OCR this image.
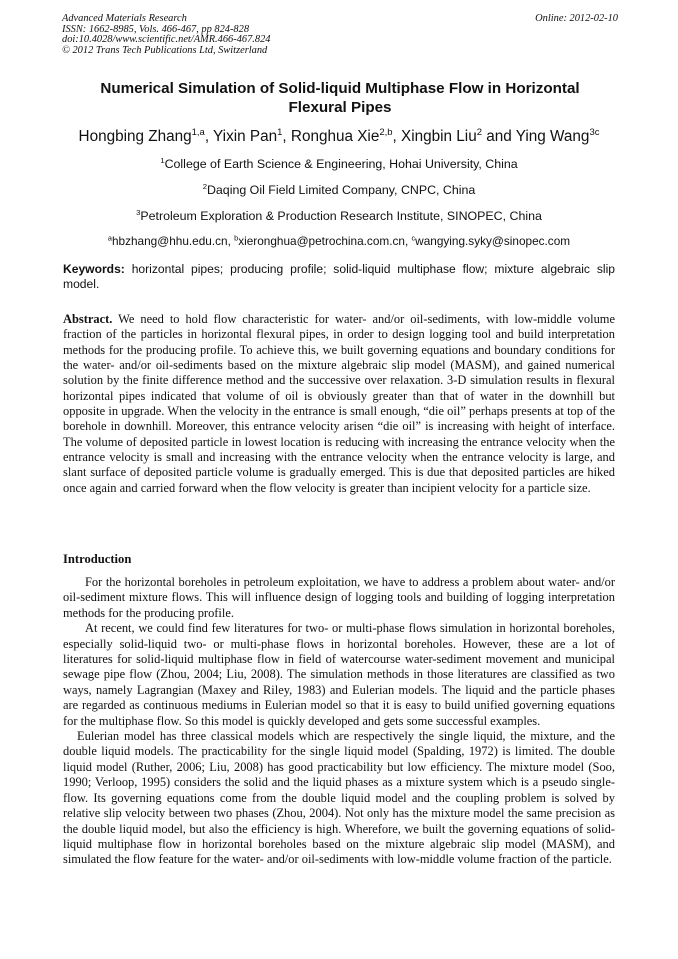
Advanced Materials Research
ISSN: 1662-8985, Vols. 466-467, pp 824-828
doi:10.4028/www.scientific.net/AMR.466-467.824
© 2012 Trans Tech Publications Ltd, Switzerland
Online: 2012-02-10
Numerical Simulation of Solid-liquid Multiphase Flow in Horizontal Flexural Pipes
Hongbing Zhang$^{1,a}$, Yixin Pan$^1$, Ronghua Xie$^{2,b}$, Xingbin Liu$^2$ and Ying Wang$^{3c}$
$^1$College of Earth Science & Engineering, Hohai University, China
$^2$Daqing Oil Field Limited Company, CNPC, China
$^3$Petroleum Exploration & Production Research Institute, SINOPEC, China
$^a$hbzhang@hhu.edu.cn, $^b$xieronghua@petrochina.com.cn, $^c$wangying.syky@sinopec.com
Keywords: horizontal pipes; producing profile; solid-liquid multiphase flow; mixture algebraic slip model.
Abstract. We need to hold flow characteristic for water- and/or oil-sediments, with low-middle volume fraction of the particles in horizontal flexural pipes, in order to design logging tool and build interpretation methods for the producing profile. To achieve this, we built governing equations and boundary conditions for the water- and/or oil-sediments based on the mixture algebraic slip model (MASM), and gained numerical solution by the finite difference method and the successive over relaxation. 3-D simulation results in flexural horizontal pipes indicated that volume of oil is obviously greater than that of water in the downhill but opposite in upgrade. When the velocity in the entrance is small enough, “die oil” perhaps presents at top of the borehole in downhill. Moreover, this entrance velocity arisen “die oil” is increasing with height of interface. The volume of deposited particle in lowest location is reducing with increasing the entrance velocity when the entrance velocity is small and increasing with the entrance velocity when the entrance velocity is large, and slant surface of deposited particle volume is gradually emerged. This is due that deposited particles are hiked once again and carried forward when the flow velocity is greater than incipient velocity for a particle size.
Introduction

For the horizontal boreholes in petroleum exploitation, we have to address a problem about water- and/or oil-sediment mixture flows. This will influence design of logging tools and building of logging interpretation methods for the producing profile.

At recent, we could find few literatures for two- or multi-phase flows simulation in horizontal boreholes, especially solid-liquid two- or multi-phase flows in horizontal boreholes. However, these are a lot of literatures for solid-liquid multiphase flow in field of watercourse water-sediment movement and municipal sewage pipe flow (Zhou, 2004; Liu, 2008). The simulation methods in those literatures are classified as two ways, namely Lagrangian (Maxey and Riley, 1983) and Eulerian models. The liquid and the particle phases are regarded as continuous mediums in Eulerian model so that it is easy to build unified governing equations for the multiphase flow. So this model is quickly developed and gets some successful examples.

Eulerian model has three classical models which are respectively the single liquid, the mixture, and the double liquid models. The practicability for the single liquid model (Spalding, 1972) is limited. The double liquid model (Ruther, 2006; Liu, 2008) has good practicability but low efficiency. The mixture model (Soo, 1990; Verloop, 1995) considers the solid and the liquid phases as a mixture system which is a pseudo single-flow. Its governing equations come from the double liquid model and the coupling problem is solved by relative slip velocity between two phases (Zhou, 2004). Not only has the mixture model the same precision as the double liquid model, but also the efficiency is high. Wherefore, we built the governing equations of solid-liquid multiphase flow in horizontal boreholes based on the mixture algebraic slip model (MASM), and simulated the flow feature for the water- and/or oil-sediments with low-middle volume fraction of the particle.
